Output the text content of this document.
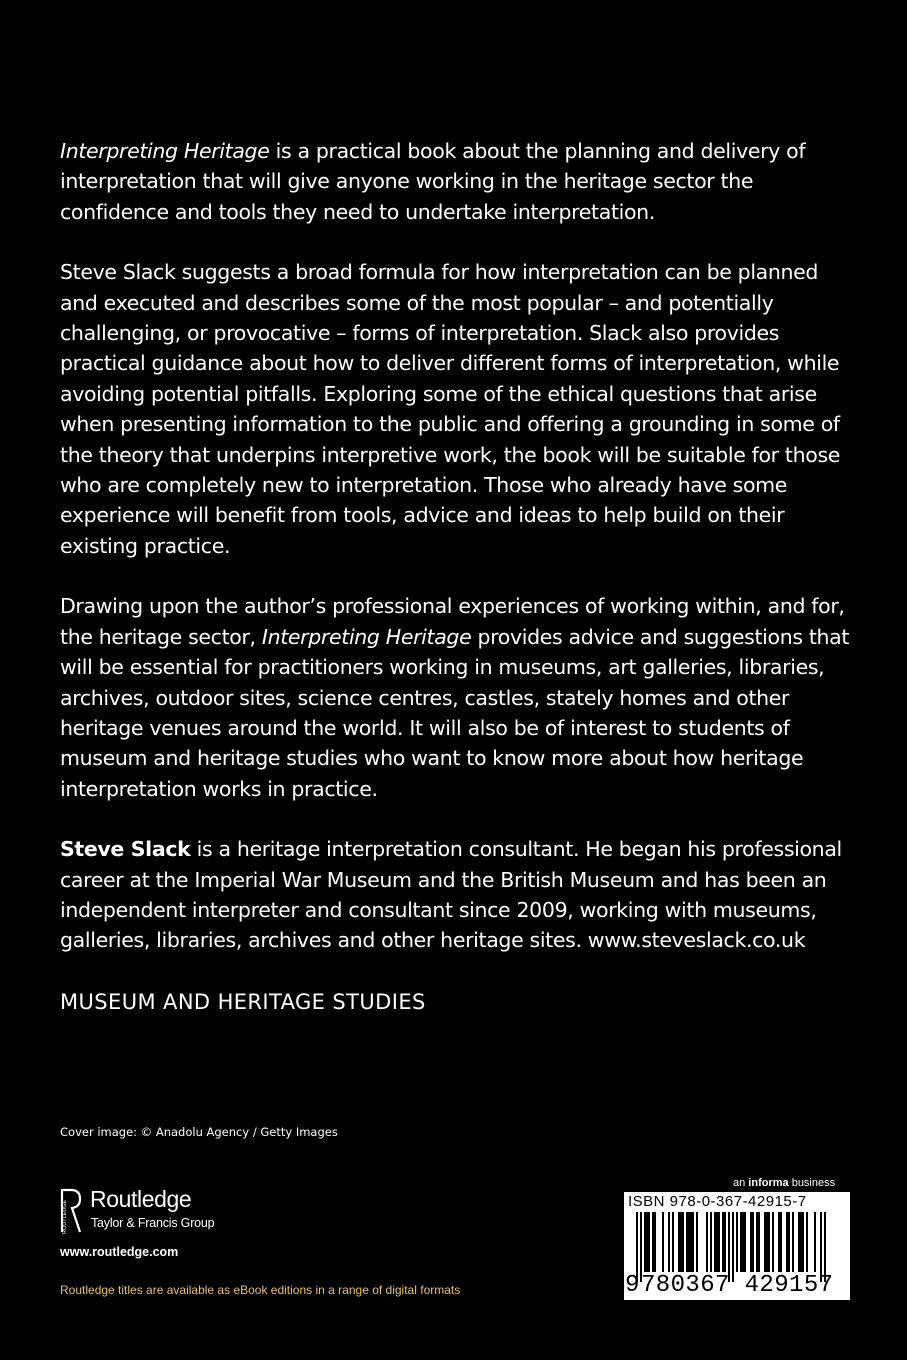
Interpreting Heritage is a practical book about the planning and delivery of interpretation that will give anyone working in the heritage sector the confidence and tools they need to undertake interpretation.

Steve Slack suggests a broad formula for how interpretation can be planned and executed and describes some of the most popular – and potentially challenging, or provocative – forms of interpretation. Slack also provides practical guidance about how to deliver different forms of interpretation, while avoiding potential pitfalls. Exploring some of the ethical questions that arise when presenting information to the public and offering a grounding in some of the theory that underpins interpretive work, the book will be suitable for those who are completely new to interpretation. Those who already have some experience will benefit from tools, advice and ideas to help build on their existing practice.

Drawing upon the author’s professional experiences of working within, and for, the heritage sector, Interpreting Heritage provides advice and suggestions that will be essential for practitioners working in museums, art galleries, libraries, archives, outdoor sites, science centres, castles, stately homes and other heritage venues around the world. It will also be of interest to students of museum and heritage studies who want to know more about how heritage interpretation works in practice.

Steve Slack is a heritage interpretation consultant. He began his professional career at the Imperial War Museum and the British Museum and has been an independent interpreter and consultant since 2009, working with museums, galleries, libraries, archives and other heritage sites. www.steveslack.co.uk

MUSEUM AND HERITAGE STUDIES
Cover image: © Anadolu Agency / Getty Images
ROUTLEDGE
Routledge
Taylor & Francis Group
www.routledge.com
Routledge titles are available as eBook editions in a range of digital formats
an informa business
ISBN 978-0-367-42915-7
9 780367 429157
